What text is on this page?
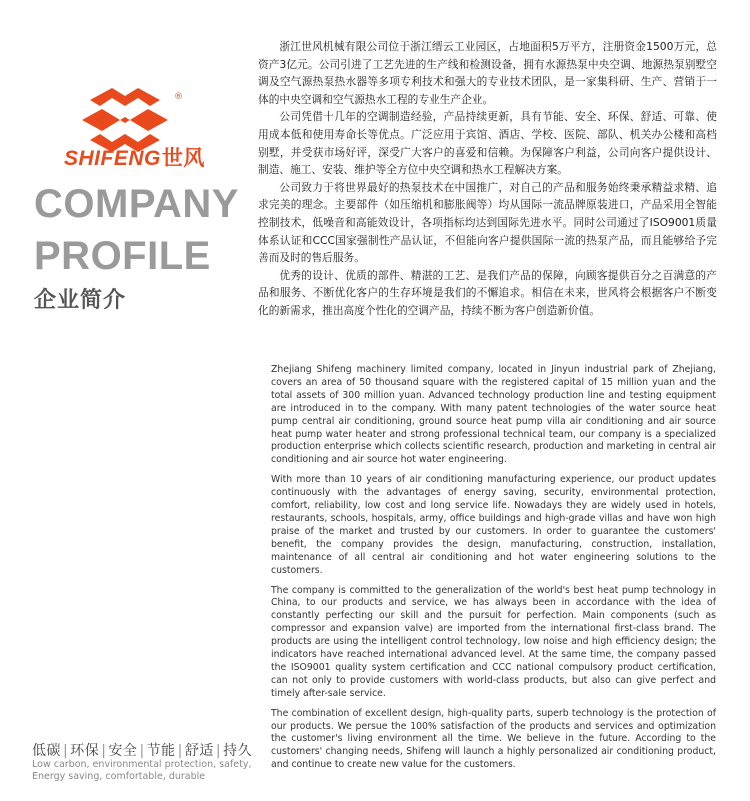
®
SHIFENG世风
COMPANY
PROFILE
企业简介

浙江世风机械有限公司位于浙江缙云工业园区，占地面积5万平方，注册资金1500万元，总资产3亿元。公司引进了工艺先进的生产线和检测设备，拥有水源热泵中央空调、地源热泵别墅空调及空气源热泵热水器等多项专利技术和强大的专业技术团队，是一家集科研、生产、营销于一体的中央空调和空气源热水工程的专业生产企业。

公司凭借十几年的空调制造经验，产品持续更新，具有节能、安全、环保、舒适、可靠、使用成本低和使用寿命长等优点。广泛应用于宾馆、酒店、学校、医院、部队、机关办公楼和高档别墅，并受获市场好评，深受广大客户的喜爱和信赖。为保障客户利益，公司向客户提供设计、制造、施工、安装、维护等全方位中央空调和热水工程解决方案。

公司致力于将世界最好的热泵技术在中国推广，对自己的产品和服务始终秉承精益求精、追求完美的理念。主要部件（如压缩机和膨胀阀等）均从国际一流品牌原装进口，产品采用全智能控制技术，低噪音和高能效设计，各项指标均达到国际先进水平。同时公司通过了ISO9001质量体系认证和CCC国家强制性产品认证，不但能向客户提供国际一流的热泵产品，而且能够给予完善而及时的售后服务。

优秀的设计、优质的部件、精湛的工艺、是我们产品的保障，向顾客提供百分之百满意的产品和服务、不断优化客户的生存环境是我们的不懈追求。相信在未来，世风将会根据客户不断变化的新需求，推出高度个性化的空调产品，持续不断为客户创造新价值。

Zhejiang Shifeng machinery limited company, located in Jinyun industrial park of Zhejiang, covers an area of 50 thousand square with the registered capital of 15 million yuan and the total assets of 300 million yuan. Advanced technology production line and testing equipment are introduced in to the company. With many patent technologies of the water source heat pump central air conditioning, ground source heat pump villa air conditioning and air source heat pump water heater and strong professional technical team, our company is a specialized production enterprise which collects scientific research, production and marketing in central air conditioning and air source hot water engineering.

With more than 10 years of air conditioning manufacturing experience, our product updates continuously with the advantages of energy saving, security, environmental protection, comfort, reliability, low cost and long service life. Nowadays they are widely used in hotels, restaurants, schools, hospitals, army, office buildings and high-grade villas and have won high praise of the market and trusted by our customers. In order to guarantee the customers' benefit, the company provides the design, manufacturing, construction, installation, maintenance of all central air conditioning and hot water engineering solutions to the customers.

The company is committed to the generalization of the world's best heat pump technology in China, to our products and service, we has always been in accordance with the idea of constantly perfecting our skill and the pursuit for perfection. Main components (such as compressor and expansion valve) are imported from the international first-class brand. The products are using the intelligent control technology, low noise and high efficiency design; the indicators have reached international advanced level. At the same time, the company passed the ISO9001 quality system certification and CCC national compulsory product certification, can not only to provide customers with world-class products, but also can give perfect and timely after-sale service.

The combination of excellent design, high-quality parts, superb technology is the protection of our products. We persue the 100% satisfaction of the products and services and optimization the customer's living environment all the time. We believe in the future. According to the customers' changing needs, Shifeng will launch a highly personalized air conditioning product, and continue to create new value for the customers.

低碳 | 环保 | 安全 | 节能 | 舒适 | 持久
Low carbon, environmental protection, safety,
Energy saving, comfortable, durable
